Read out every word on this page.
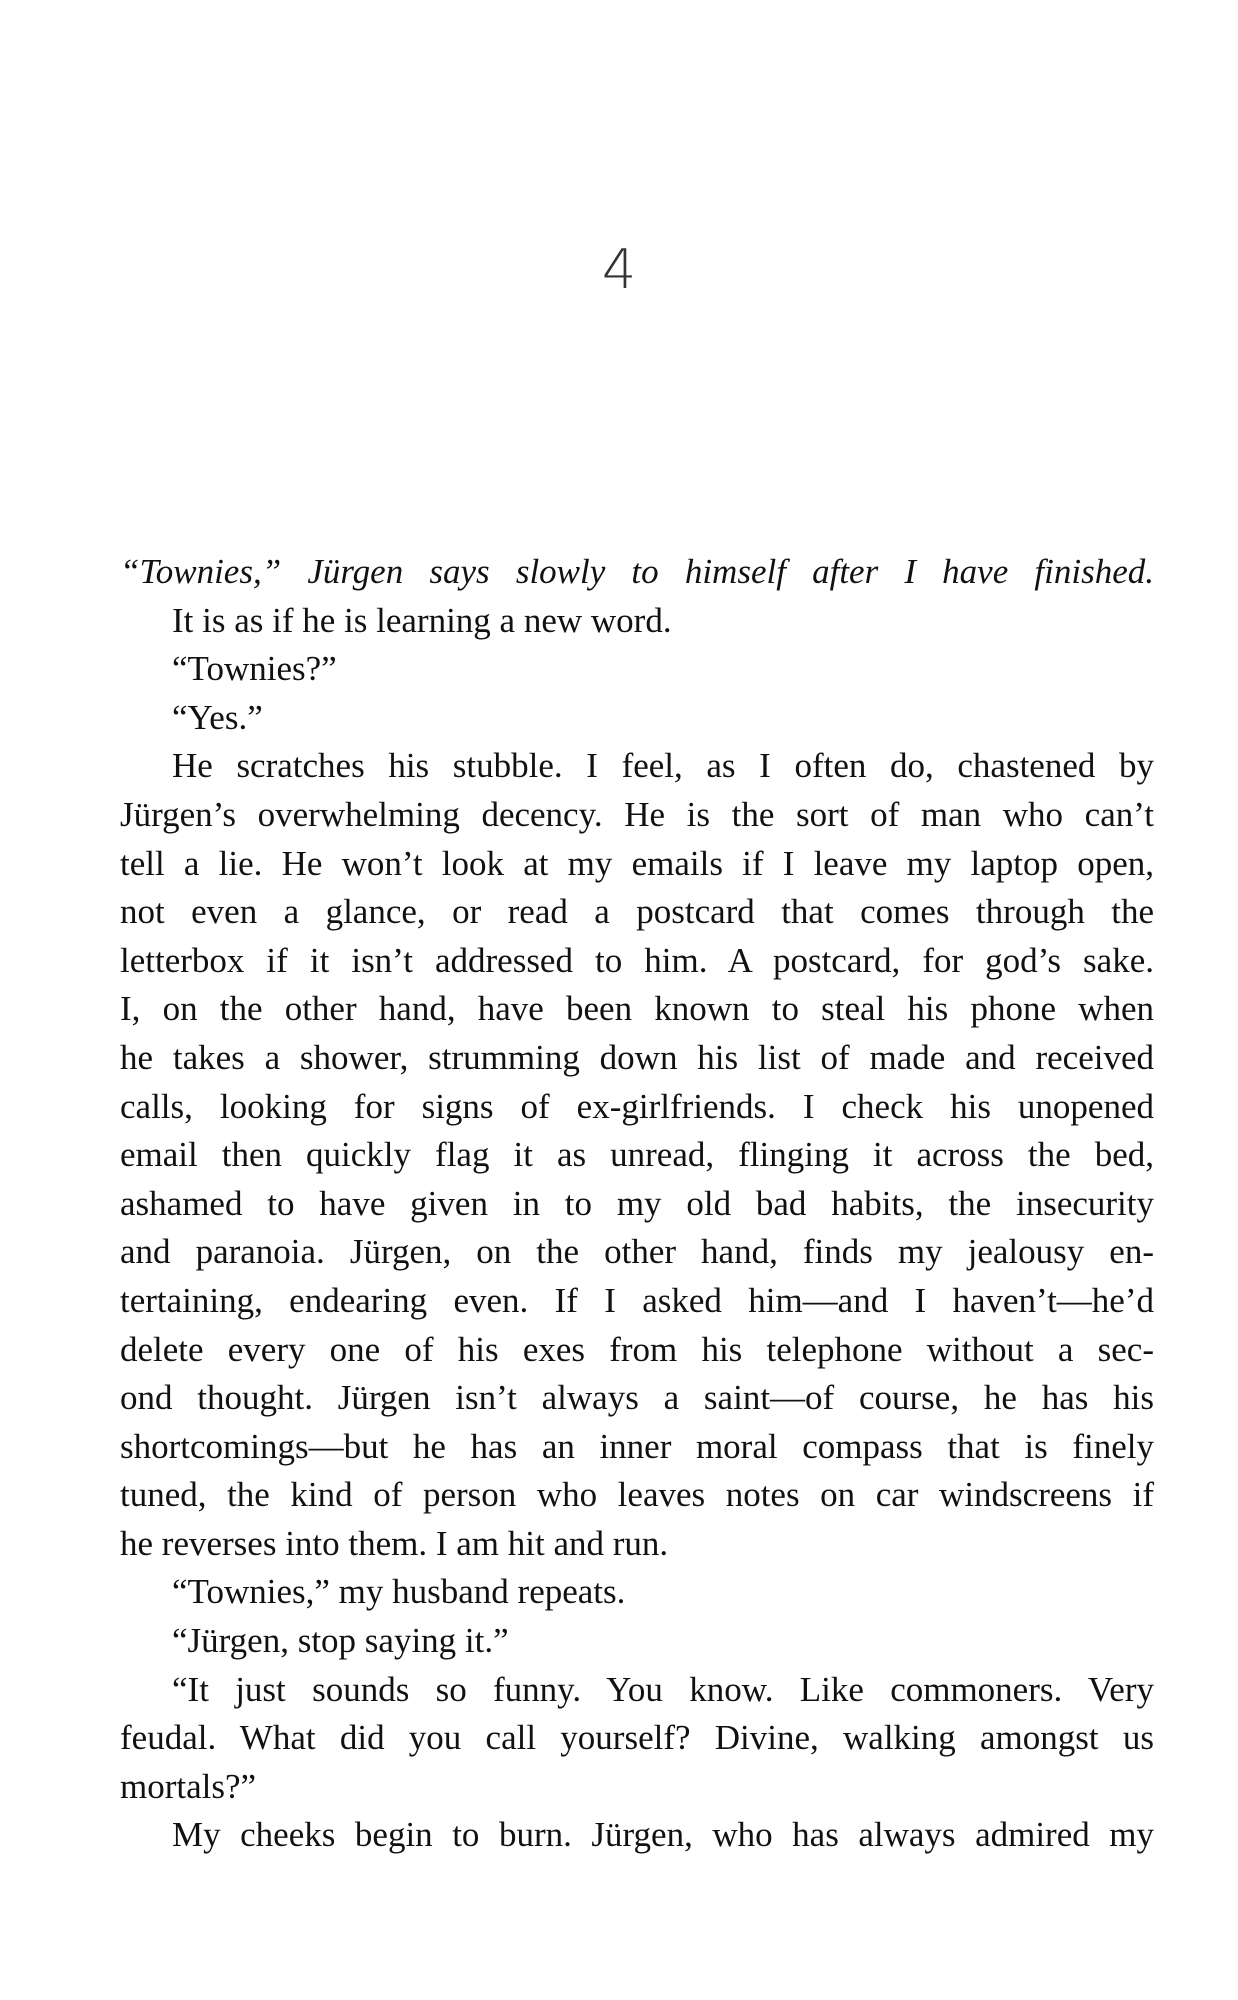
4
“Townies,” Jürgen says slowly to himself after I have finished.
It is as if he is learning a new word.
“Townies?”
“Yes.”
He scratches his stubble. I feel, as I often do, chastened by
Jürgen’s overwhelming decency. He is the sort of man who can’t
tell a lie. He won’t look at my emails if I leave my laptop open,
not even a glance, or read a postcard that comes through the
letterbox if it isn’t addressed to him. A postcard, for god’s sake.
I, on the other hand, have been known to steal his phone when
he takes a shower, strumming down his list of made and received
calls, looking for signs of ex-girlfriends. I check his unopened
email then quickly flag it as unread, flinging it across the bed,
ashamed to have given in to my old bad habits, the insecurity
and paranoia. Jürgen, on the other hand, finds my jealousy en-
tertaining, endearing even. If I asked him—and I haven’t—he’d
delete every one of his exes from his telephone without a sec-
ond thought. Jürgen isn’t always a saint—of course, he has his
shortcomings—but he has an inner moral compass that is finely
tuned, the kind of person who leaves notes on car windscreens if
he reverses into them. I am hit and run.
“Townies,” my husband repeats.
“Jürgen, stop saying it.”
“It just sounds so funny. You know. Like commoners. Very
feudal. What did you call yourself? Divine, walking amongst us
mortals?”
My cheeks begin to burn. Jürgen, who has always admired my
